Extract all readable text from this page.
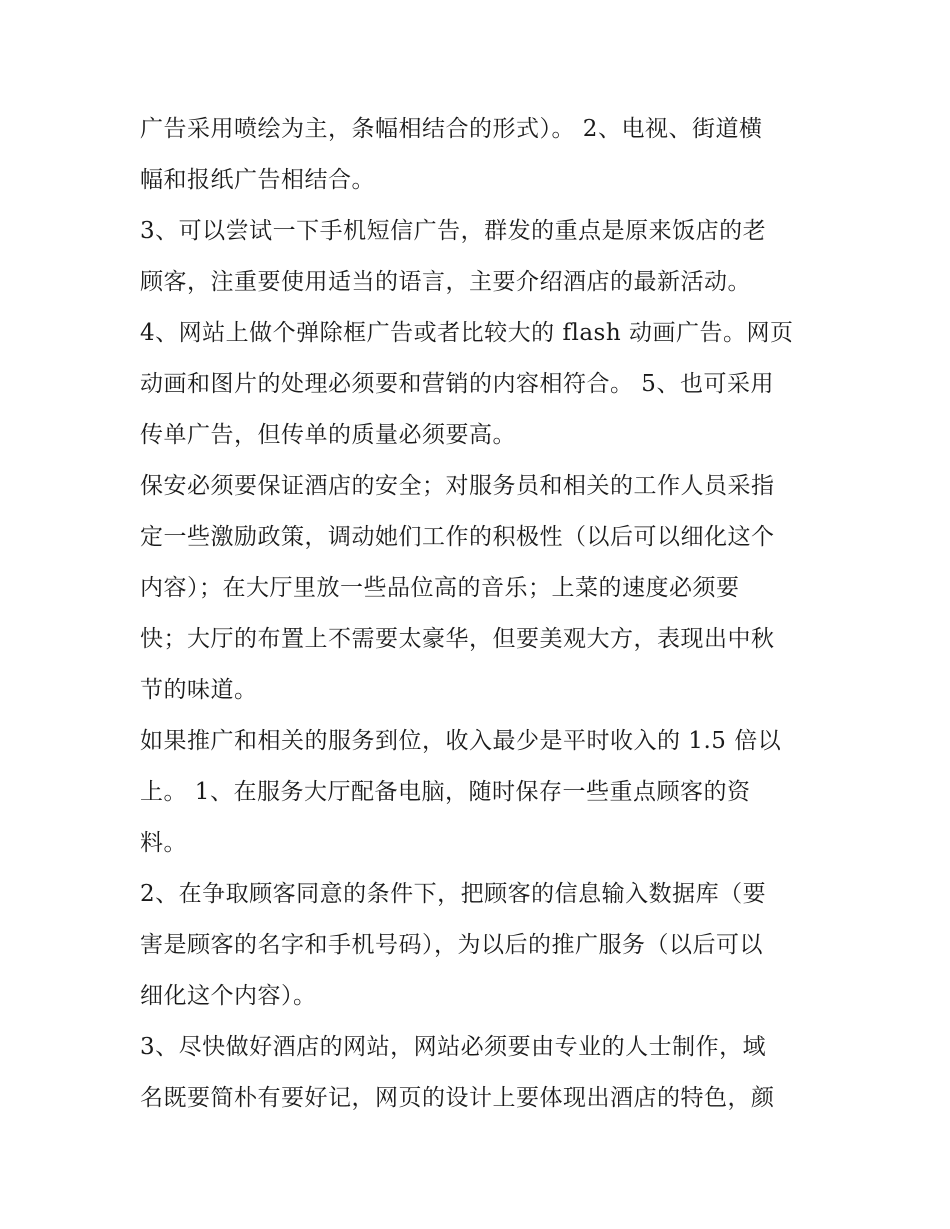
广告采用喷绘为主，条幅相结合的形式）。 2、电视、街道横
幅和报纸广告相结合。
3、可以尝试一下手机短信广告，群发的重点是原来饭店的老
顾客，注重要使用适当的语言，主要介绍酒店的最新活动。
4、网站上做个弹除框广告或者比较大的 flash 动画广告。网页
动画和图片的处理必须要和营销的内容相符合。 5、也可采用
传单广告，但传单的质量必须要高。
保安必须要保证酒店的安全；对服务员和相关的工作人员采指
定一些激励政策，调动她们工作的积极性（以后可以细化这个
内容）；在大厅里放一些品位高的音乐；上菜的速度必须要
快；大厅的布置上不需要太豪华，但要美观大方，表现出中秋
节的味道。
如果推广和相关的服务到位，收入最少是平时收入的 1.5 倍以
上。 1、在服务大厅配备电脑，随时保存一些重点顾客的资
料。
2、在争取顾客同意的条件下，把顾客的信息输入数据库（要
害是顾客的名字和手机号码），为以后的推广服务（以后可以
细化这个内容）。
3、尽快做好酒店的网站，网站必须要由专业的人士制作，域
名既要简朴有要好记，网页的设计上要体现出酒店的特色，颜
